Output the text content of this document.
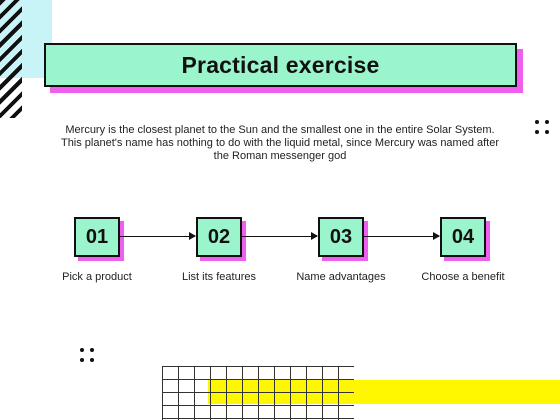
Practical exercise
Mercury is the closest planet to the Sun and the smallest one in the entire Solar System. This planet's name has nothing to do with the liquid metal, since Mercury was named after the Roman messenger god
01	02	03	04
Pick a product	List its features	Name advantages	Choose a benefit
